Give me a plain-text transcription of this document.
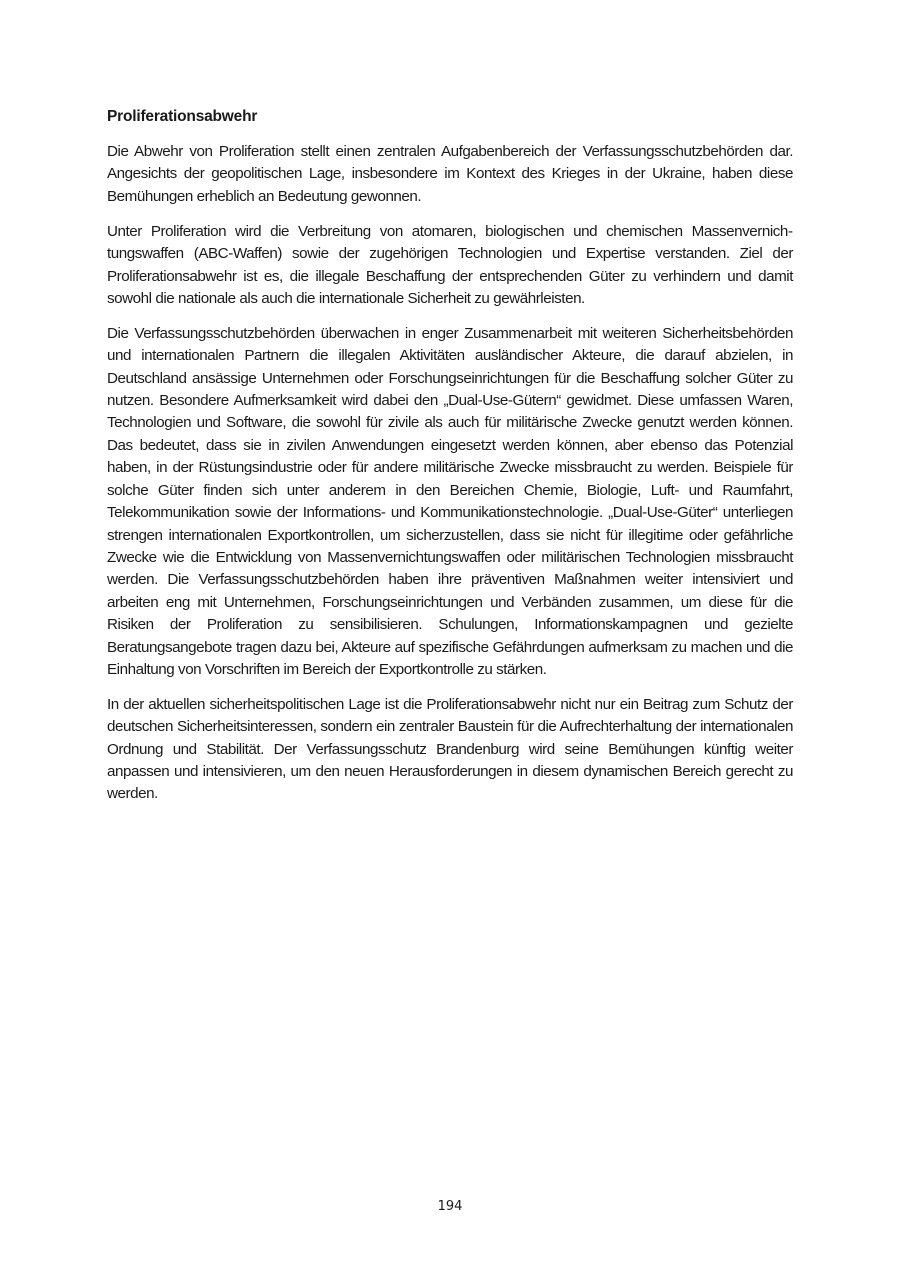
Proliferationsabwehr

Die Abwehr von Proliferation stellt einen zentralen Aufgabenbereich der Verfassungsschutzbehörden dar. Angesichts der geopolitischen Lage, insbesondere im Kontext des Krieges in der Ukraine, haben diese Bemühungen erheblich an Bedeutung gewonnen.

Unter Proliferation wird die Verbreitung von atomaren, biologischen und chemischen Massenvernichtungswaffen (ABC-Waffen) sowie der zugehörigen Technologien und Expertise verstanden. Ziel der Proliferationsabwehr ist es, die illegale Beschaffung der entsprechenden Güter zu verhindern und damit sowohl die nationale als auch die internationale Sicherheit zu gewährleisten.

Die Verfassungsschutzbehörden überwachen in enger Zusammenarbeit mit weiteren Sicherheitsbehörden und internationalen Partnern die illegalen Aktivitäten ausländischer Akteure, die darauf abzielen, in Deutschland ansässige Unternehmen oder Forschungseinrichtungen für die Beschaffung solcher Güter zu nutzen. Besondere Aufmerksamkeit wird dabei den „Dual-Use-Gütern“ gewidmet. Diese umfassen Waren, Technologien und Software, die sowohl für zivile als auch für militärische Zwecke genutzt werden können. Das bedeutet, dass sie in zivilen Anwendungen eingesetzt werden können, aber ebenso das Potenzial haben, in der Rüstungsindustrie oder für andere militärische Zwecke missbraucht zu werden. Beispiele für solche Güter finden sich unter anderem in den Bereichen Chemie, Biologie, Luft- und Raumfahrt, Telekommunikation sowie der Informations- und Kommunikationstechnologie. „Dual-Use-Güter“ unterliegen strengen internationalen Exportkontrollen, um sicherzustellen, dass sie nicht für illegitime oder gefährliche Zwecke wie die Entwicklung von Massenvernichtungswaffen oder militärischen Technologien missbraucht werden. Die Verfassungsschutzbehörden haben ihre präventiven Maßnahmen weiter intensiviert und arbeiten eng mit Unternehmen, Forschungseinrichtungen und Verbänden zusammen, um diese für die Risiken der Proliferation zu sensibilisieren. Schulungen, Informationskampagnen und gezielte Beratungsangebote tragen dazu bei, Akteure auf spezifische Gefährdungen aufmerksam zu machen und die Einhaltung von Vorschriften im Bereich der Exportkontrolle zu stärken.

In der aktuellen sicherheitspolitischen Lage ist die Proliferationsabwehr nicht nur ein Beitrag zum Schutz der deutschen Sicherheitsinteressen, sondern ein zentraler Baustein für die Aufrechterhaltung der internationalen Ordnung und Stabilität. Der Verfassungsschutz Brandenburg wird seine Bemühungen künftig weiter anpassen und intensivieren, um den neuen Herausforderungen in diesem dynamischen Bereich gerecht zu werden.

194
